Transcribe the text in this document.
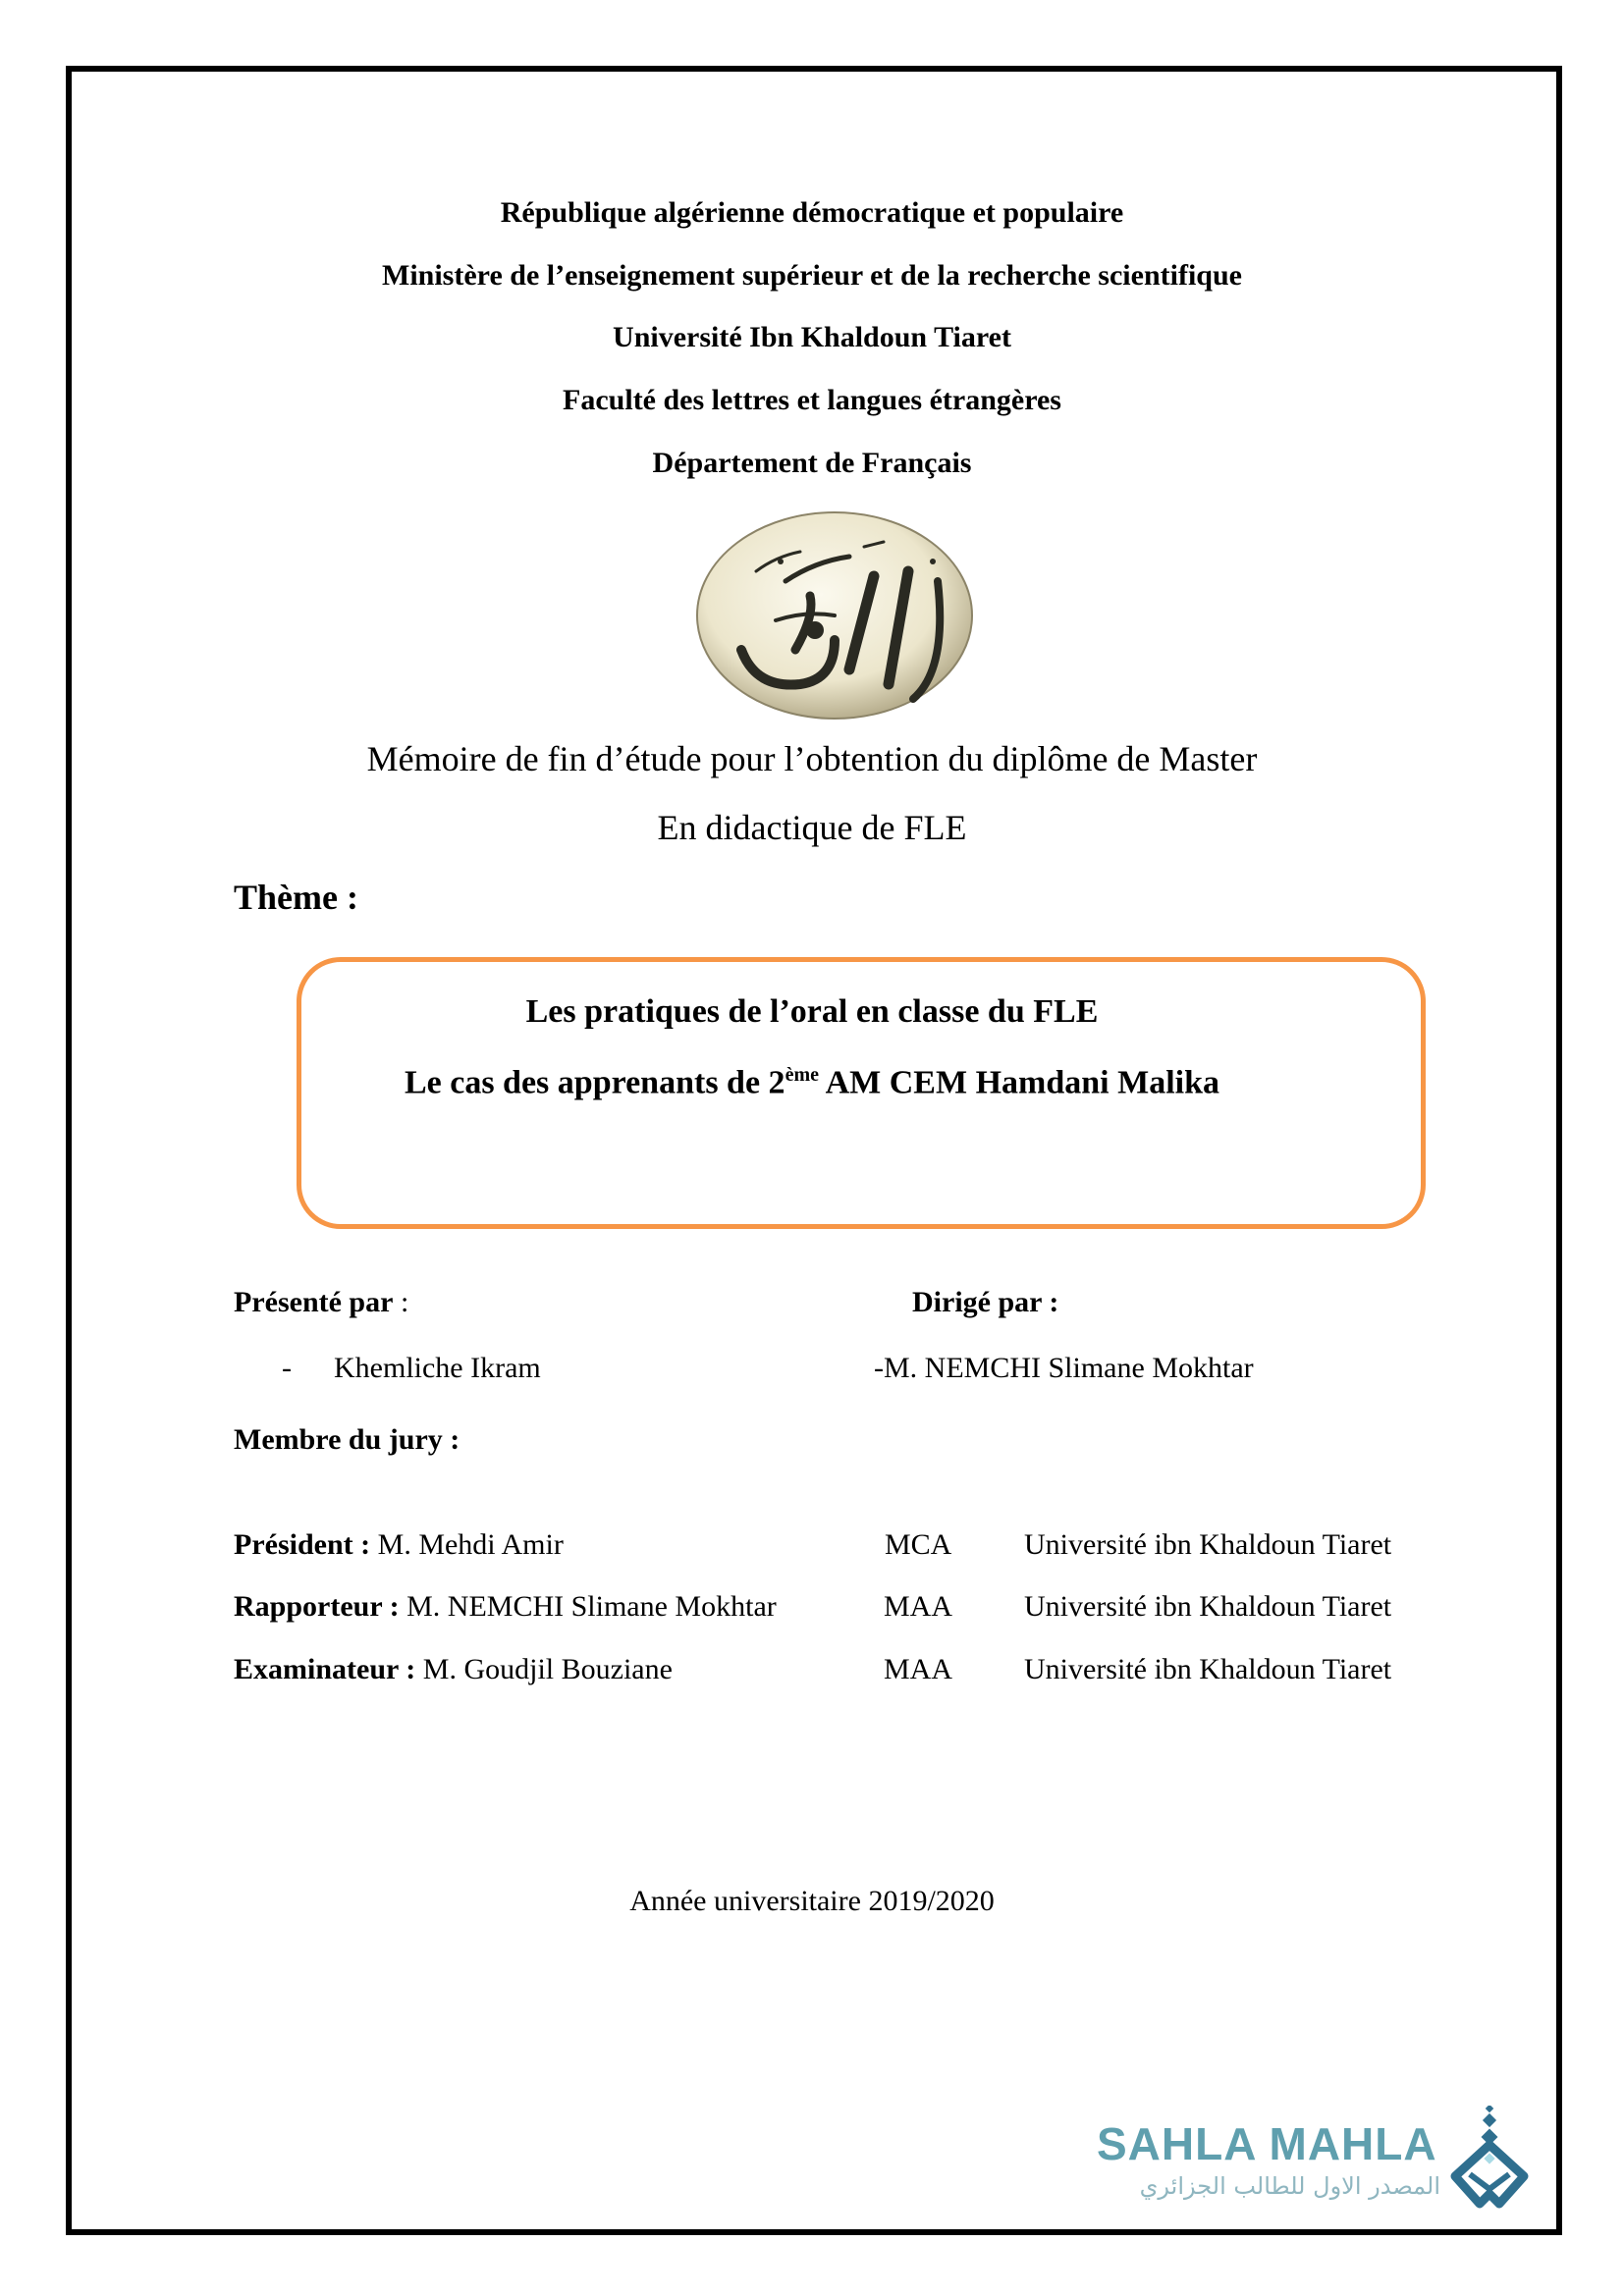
République algérienne démocratique et populaire
Ministère de l’enseignement supérieur et de la recherche scientifique
Université Ibn Khaldoun Tiaret
Faculté des lettres et langues étrangères
Département de Français
Mémoire de fin d’étude pour l’obtention du diplôme de Master
En didactique de FLE
Thème :
Les pratiques de l’oral en classe du FLE
Le cas des apprenants de 2ème AM CEM Hamdani Malika
Présenté par :	Dirigé par :
- Khemliche Ikram	-M. NEMCHI Slimane Mokhtar
Membre du jury :
Président : M. Mehdi Amir	MCA Université ibn Khaldoun Tiaret
Rapporteur : M. NEMCHI Slimane Mokhtar	MAA Université ibn Khaldoun Tiaret
Examinateur : M. Goudjil Bouziane	MAA Université ibn Khaldoun Tiaret
Année universitaire 2019/2020
SAHLA MAHLA
المصدر الاول للطالب الجزائري
